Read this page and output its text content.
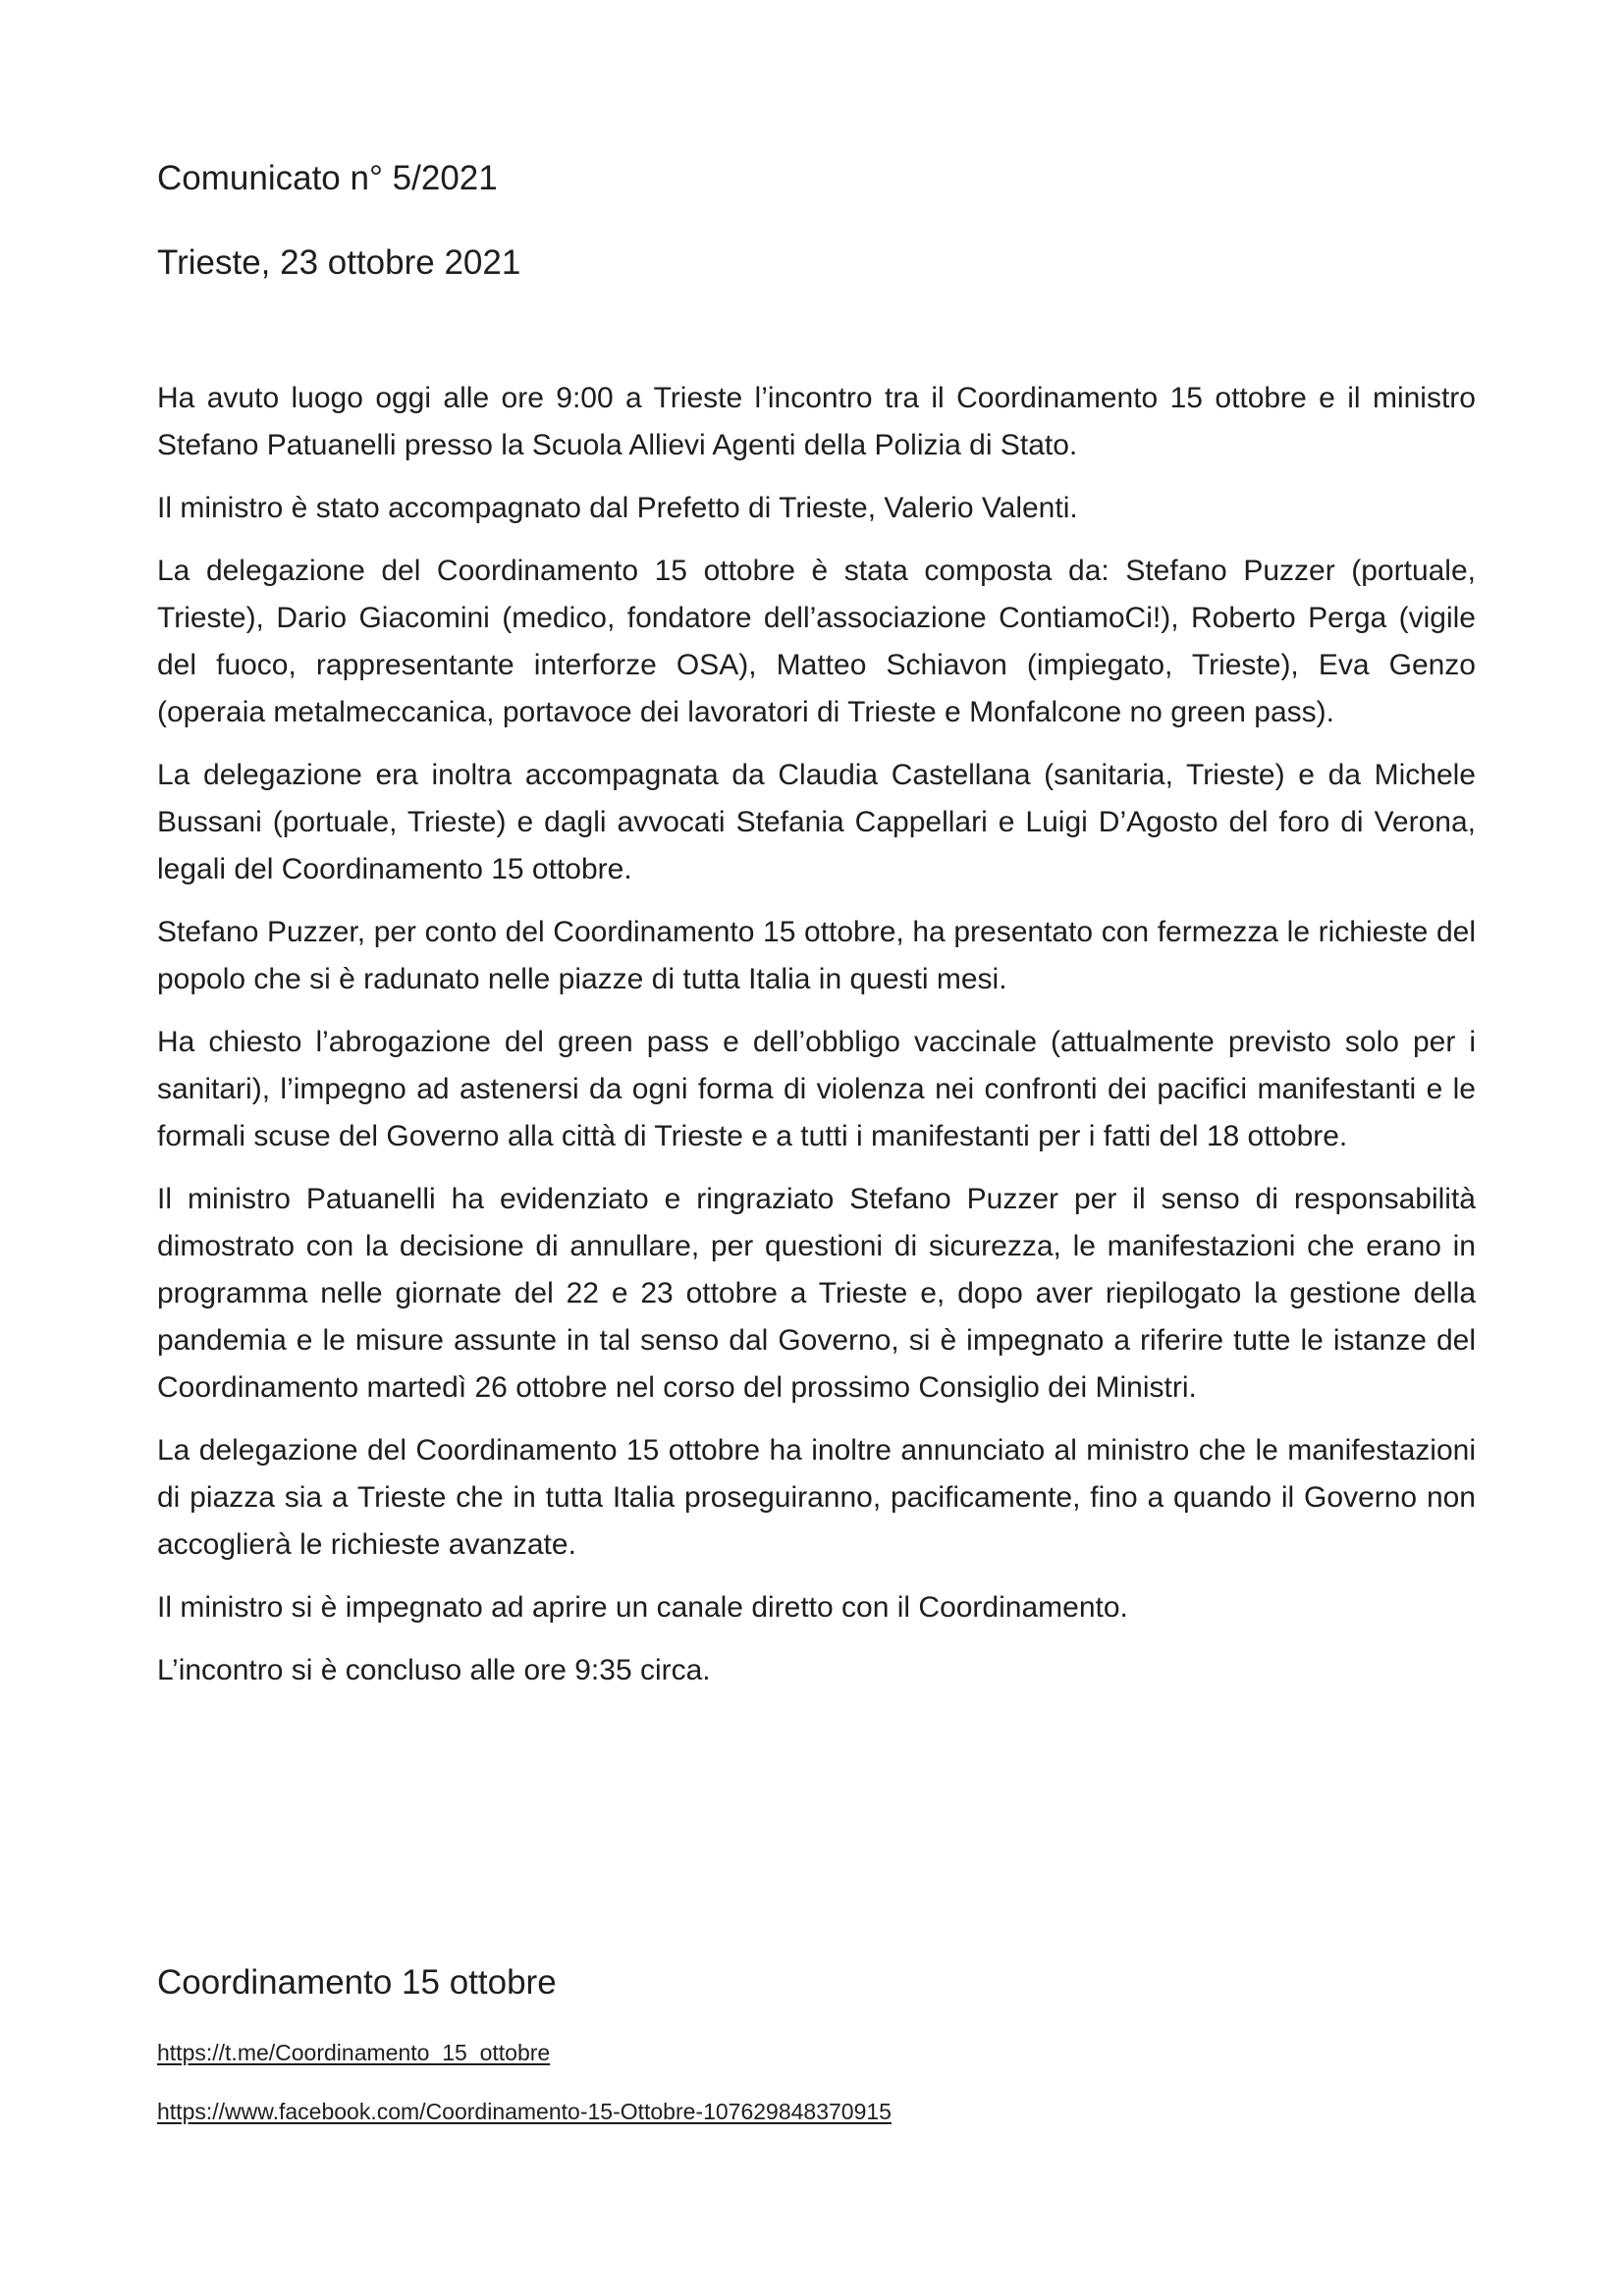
Comunicato n° 5/2021
Trieste, 23 ottobre 2021

Ha avuto luogo oggi alle ore 9:00 a Trieste l’incontro tra il Coordinamento 15 ottobre e il ministro Stefano Patuanelli presso la Scuola Allievi Agenti della Polizia di Stato.

Il ministro è stato accompagnato dal Prefetto di Trieste, Valerio Valenti.

La delegazione del Coordinamento 15 ottobre è stata composta da: Stefano Puzzer (portuale, Trieste), Dario Giacomini (medico, fondatore dell’associazione ContiamoCi!), Roberto Perga (vigile del fuoco, rappresentante interforze OSA), Matteo Schiavon (impiegato, Trieste), Eva Genzo (operaia metalmeccanica, portavoce dei lavoratori di Trieste e Monfalcone no green pass).

La delegazione era inoltra accompagnata da Claudia Castellana (sanitaria, Trieste) e da Michele Bussani (portuale, Trieste) e dagli avvocati Stefania Cappellari e Luigi D’Agosto del foro di Verona, legali del Coordinamento 15 ottobre.

Stefano Puzzer, per conto del Coordinamento 15 ottobre, ha presentato con fermezza le richieste del popolo che si è radunato nelle piazze di tutta Italia in questi mesi.

Ha chiesto l’abrogazione del green pass e dell’obbligo vaccinale (attualmente previsto solo per i sanitari), l’impegno ad astenersi da ogni forma di violenza nei confronti dei pacifici manifestanti e le formali scuse del Governo alla città di Trieste e a tutti i manifestanti per i fatti del 18 ottobre.

Il ministro Patuanelli ha evidenziato e ringraziato Stefano Puzzer per il senso di responsabilità dimostrato con la decisione di annullare, per questioni di sicurezza, le manifestazioni che erano in programma nelle giornate del 22 e 23 ottobre a Trieste e, dopo aver riepilogato la gestione della pandemia e le misure assunte in tal senso dal Governo, si è impegnato a riferire tutte le istanze del Coordinamento martedì 26 ottobre nel corso del prossimo Consiglio dei Ministri.

La delegazione del Coordinamento 15 ottobre ha inoltre annunciato al ministro che le manifestazioni di piazza sia a Trieste che in tutta Italia proseguiranno, pacificamente, fino a quando il Governo non accoglierà le richieste avanzate.

Il ministro si è impegnato ad aprire un canale diretto con il Coordinamento.

L’incontro si è concluso alle ore 9:35 circa.

Coordinamento 15 ottobre
https://t.me/Coordinamento_15_ottobre
https://www.facebook.com/Coordinamento-15-Ottobre-107629848370915
